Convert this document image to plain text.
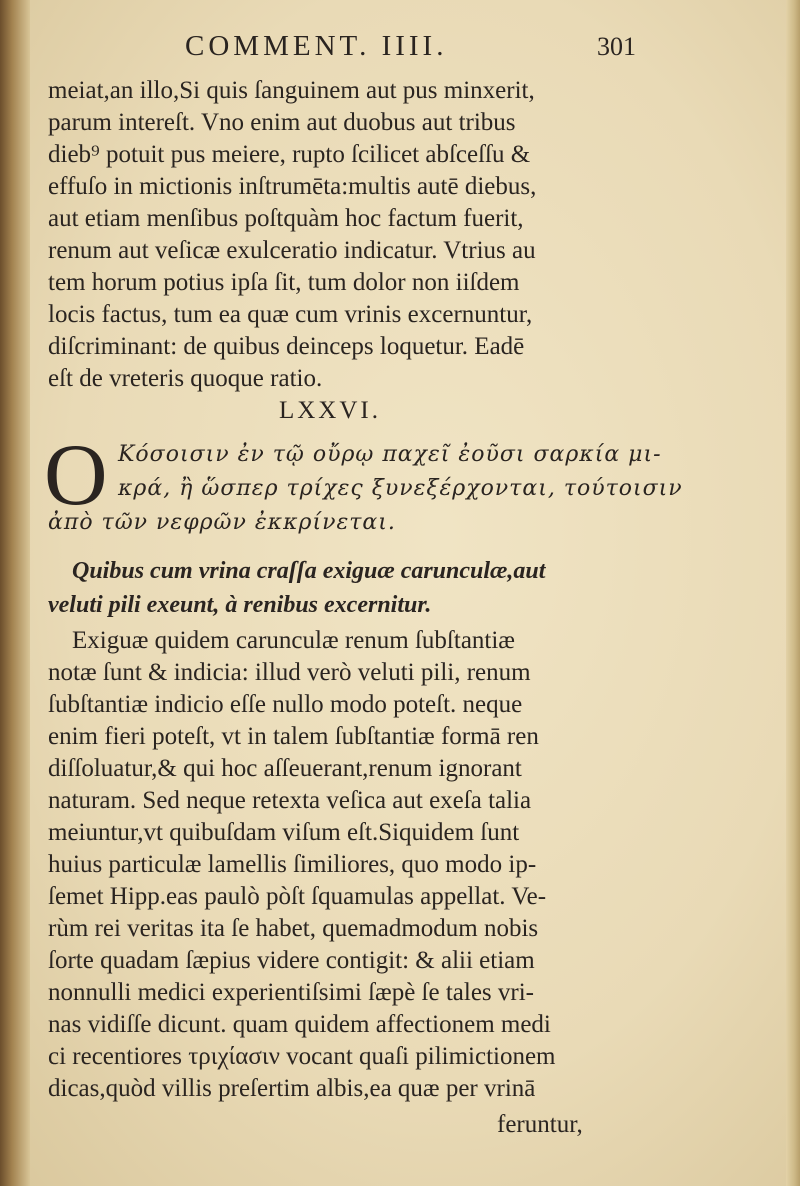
COMMENT. IIII.	301
meiat,an illo,Si quis ſanguinem aut pus minxerit,
parum intereſt. Vno enim aut duobus aut tribus
dieb⁹ potuit pus meiere, rupto ſcilicet abſceſſu &
effuſo in mictionis inſtrumēta:multis autē diebus,
aut etiam menſibus poſtquàm hoc factum fuerit,
renum aut veſicæ exulceratio indicatur. Vtrius au
tem horum potius ipſa ſit, tum dolor non iiſdem
locis factus, tum ea quæ cum vrinis excernuntur,
diſcriminant: de quibus deinceps loquetur. Eadē
eſt de vreteris quoque ratio.
LXXVI.
O Κόσοισιν ἐν τῷ οὔρῳ παχεῖ ἐοῦσι σαρκία μι-
κρά, ἢ ὥσπερ τρίχες ξυνεξέρχονται, τούτοισιν
ἀπὸ τῶν νεφρῶν ἐκκρίνεται.
Quibus cum vrina craſſa exiguæ carunculæ,aut
veluti pili exeunt, à renibus excernitur.
Exiguæ quidem carunculæ renum ſubſtantiæ
notæ ſunt & indicia: illud verò veluti pili, renum
ſubſtantiæ indicio eſſe nullo modo poteſt. neque
enim fieri poteſt, vt in talem ſubſtantiæ formā ren
diſſoluatur,& qui hoc aſſeuerant,renum ignorant
naturam. Sed neque retexta veſica aut exeſa talia
meiuntur,vt quibuſdam viſum eſt.Siquidem ſunt
huius particulæ lamellis ſimiliores, quo modo ip-
ſemet Hipp.eas paulò pòſt ſquamulas appellat. Ve-
rùm rei veritas ita ſe habet, quemadmodum nobis
ſorte quadam ſæpius videre contigit: & alii etiam
nonnulli medici experientiſsimi ſæpè ſe tales vri-
nas vidiſſe dicunt. quam quidem affectionem medi
ci recentiores τριχίασιν vocant quaſi pilimictionem
dicas,quòd villis preſertim albis,ea quæ per vrinā
feruntur,
